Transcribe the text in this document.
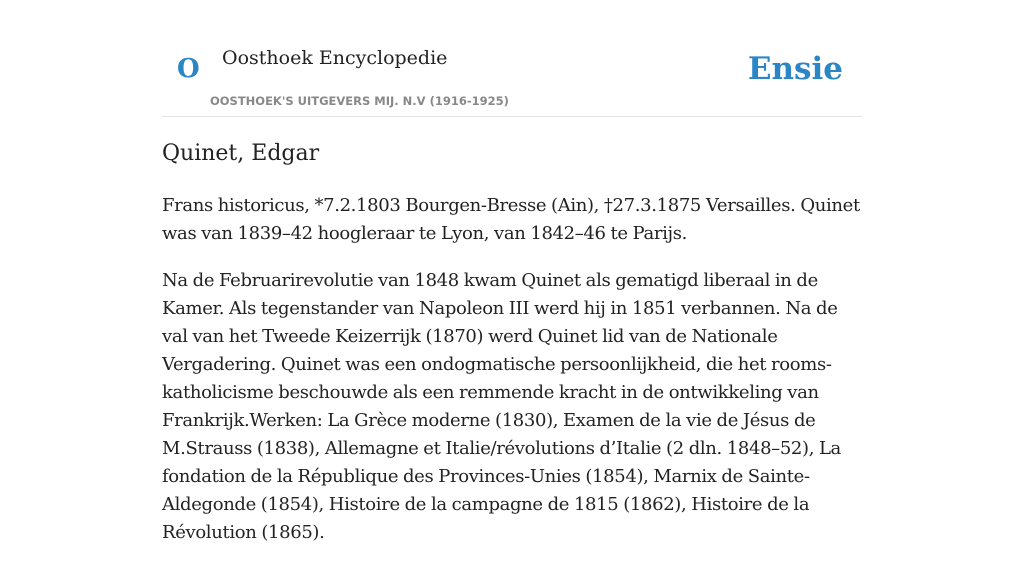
O Oosthoek Encyclopedie
OOSTHOEK'S UITGEVERS MIJ. N.V (1916-1925)
Ensie
Quinet, Edgar

Frans historicus, *7.2.1803 Bourgen-Bresse (Ain), †27.3.1875 Versailles. Quinet was van 1839–42 hoogleraar te Lyon, van 1842–46 te Parijs.

Na de Februarirevolutie van 1848 kwam Quinet als gematigd liberaal in de Kamer. Als tegenstander van Napoleon III werd hij in 1851 verbannen. Na de val van het Tweede Keizerrijk (1870) werd Quinet lid van de Nationale Vergadering. Quinet was een ondogmatische persoonlijkheid, die het rooms-katholicisme beschouwde als een remmende kracht in de ontwikkeling van Frankrijk.Werken: La Grèce moderne (1830), Examen de la vie de Jésus de M.Strauss (1838), Allemagne et Italie/révolutions d’Italie (2 dln. 1848–52), La fondation de la République des Provinces-Unies (1854), Marnix de Sainte-Aldegonde (1854), Histoire de la campagne de 1815 (1862), Histoire de la Révolution (1865).
